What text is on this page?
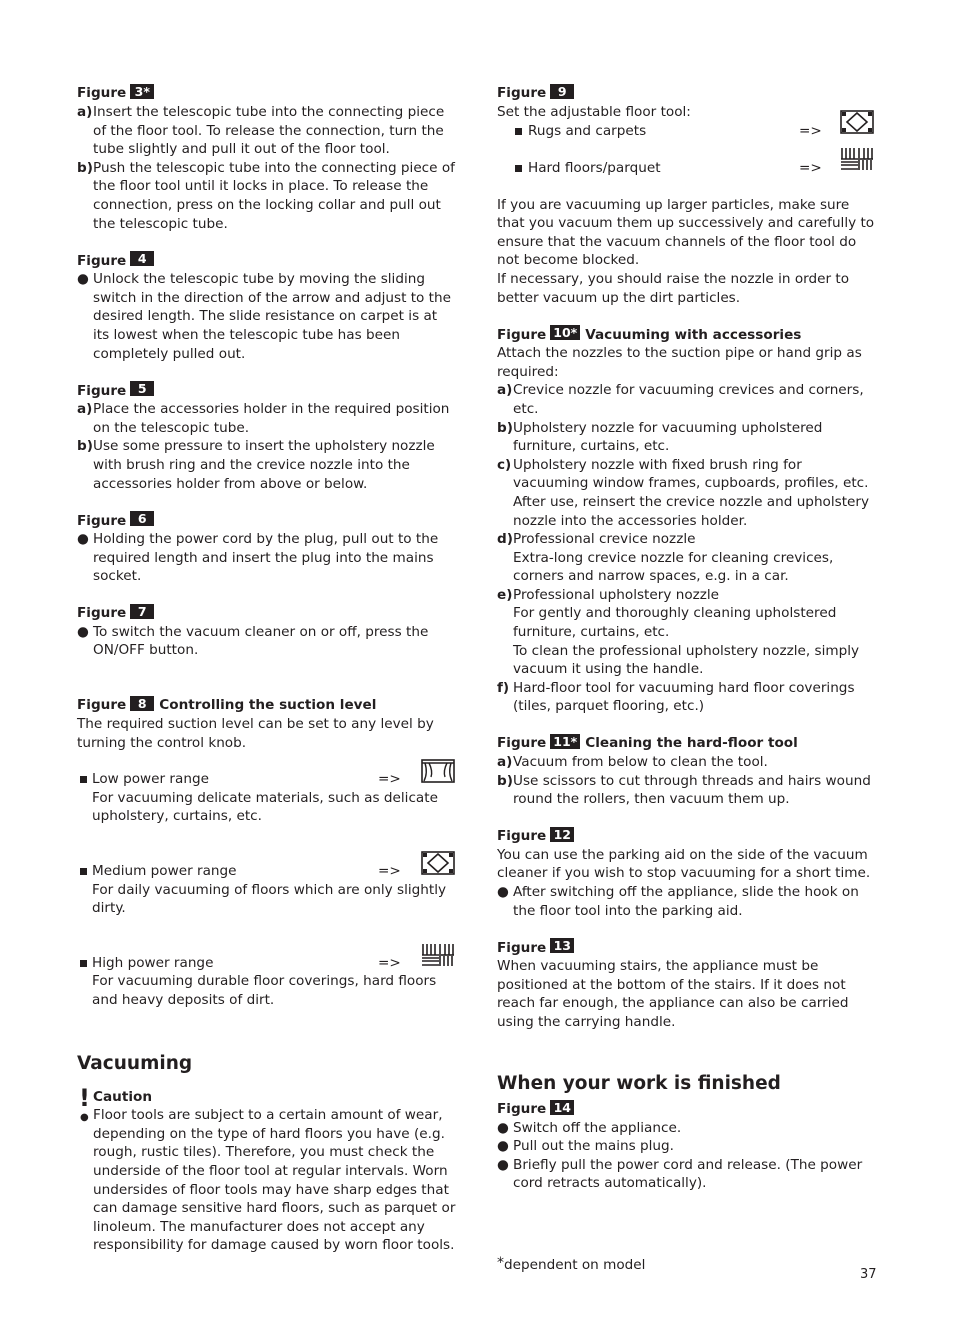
Figure 3*
a) Insert the telescopic tube into the connecting piece of the floor tool. To release the connection, turn the tube slightly and pull it out of the floor tool.
b) Push the telescopic tube into the connecting piece of the floor tool until it locks in place. To release the connection, press on the locking collar and pull out the telescopic tube.
Figure 4
● Unlock the telescopic tube by moving the sliding switch in the direction of the arrow and adjust to the desired length. The slide resistance on carpet is at its lowest when the telescopic tube has been completely pulled out.
Figure 5
a) Place the accessories holder in the required position on the telescopic tube.
b) Use some pressure to insert the upholstery nozzle with brush ring and the crevice nozzle into the accessories holder from above or below.
Figure 6
● Holding the power cord by the plug, pull out to the required length and insert the plug into the mains socket.
Figure 7
● To switch the vacuum cleaner on or off, press the ON/OFF button.
Figure 8 Controlling the suction level

The required suction level can be set to any level by turning the control knob.

Low power range	=>
For vacuuming delicate materials, such as delicate upholstery, curtains, etc.
Medium power range	=>
For daily vacuuming of floors which are only slightly dirty.
High power range	=>
For vacuuming durable floor coverings, hard floors and heavy deposits of dirt.
Vacuuming
!
●
Caution
Floor tools are subject to a certain amount of wear, depending on the type of hard floors you have (e.g. rough, rustic tiles). Therefore, you must check the underside of the floor tool at regular intervals. Worn undersides of floor tools may have sharp edges that can damage sensitive hard floors, such as parquet or linoleum. The manufacturer does not accept any responsibility for damage caused by worn floor tools.
Figure 9

Set the adjustable floor tool:

Rugs and carpets	=>
Hard floors/parquet	=>

If you are vacuuming up larger particles, make sure that you vacuum them up successively and carefully to ensure that the vacuum channels of the floor tool do not become blocked.

If necessary, you should raise the nozzle in order to better vacuum up the dirt particles.

Figure 10* Vacuuming with accessories

Attach the nozzles to the suction pipe or hand grip as required:

a) Crevice nozzle for vacuuming crevices and corners, etc.
b) Upholstery nozzle for vacuuming upholstered furniture, curtains, etc.
c) Upholstery nozzle with fixed brush ring for vacuuming window frames, cupboards, profiles, etc.
After use, reinsert the crevice nozzle and upholstery nozzle into the accessories holder.
d) Professional crevice nozzle
Extra-long crevice nozzle for cleaning crevices, corners and narrow spaces, e.g. in a car.
e) Professional upholstery nozzle
For gently and thoroughly cleaning upholstered furniture, curtains, etc.
To clean the professional upholstery nozzle, simply vacuum it using the handle.
f) Hard-floor tool for vacuuming hard floor coverings (tiles, parquet flooring, etc.)
Figure 11* Cleaning the hard-floor tool
a) Vacuum from below to clean the tool.
b) Use scissors to cut through threads and hairs wound round the rollers, then vacuum them up.
Figure 12

You can use the parking aid on the side of the vacuum cleaner if you wish to stop vacuuming for a short time.

● After switching off the appliance, slide the hook on the floor tool into the parking aid.
Figure 13

When vacuuming stairs, the appliance must be positioned at the bottom of the stairs. If it does not reach far enough, the appliance can also be carried using the carrying handle.

When your work is finished
Figure 14
● Switch off the appliance.
● Pull out the mains plug.
● Briefly pull the power cord and release. (The power cord retracts automatically).
*dependent on model
37
